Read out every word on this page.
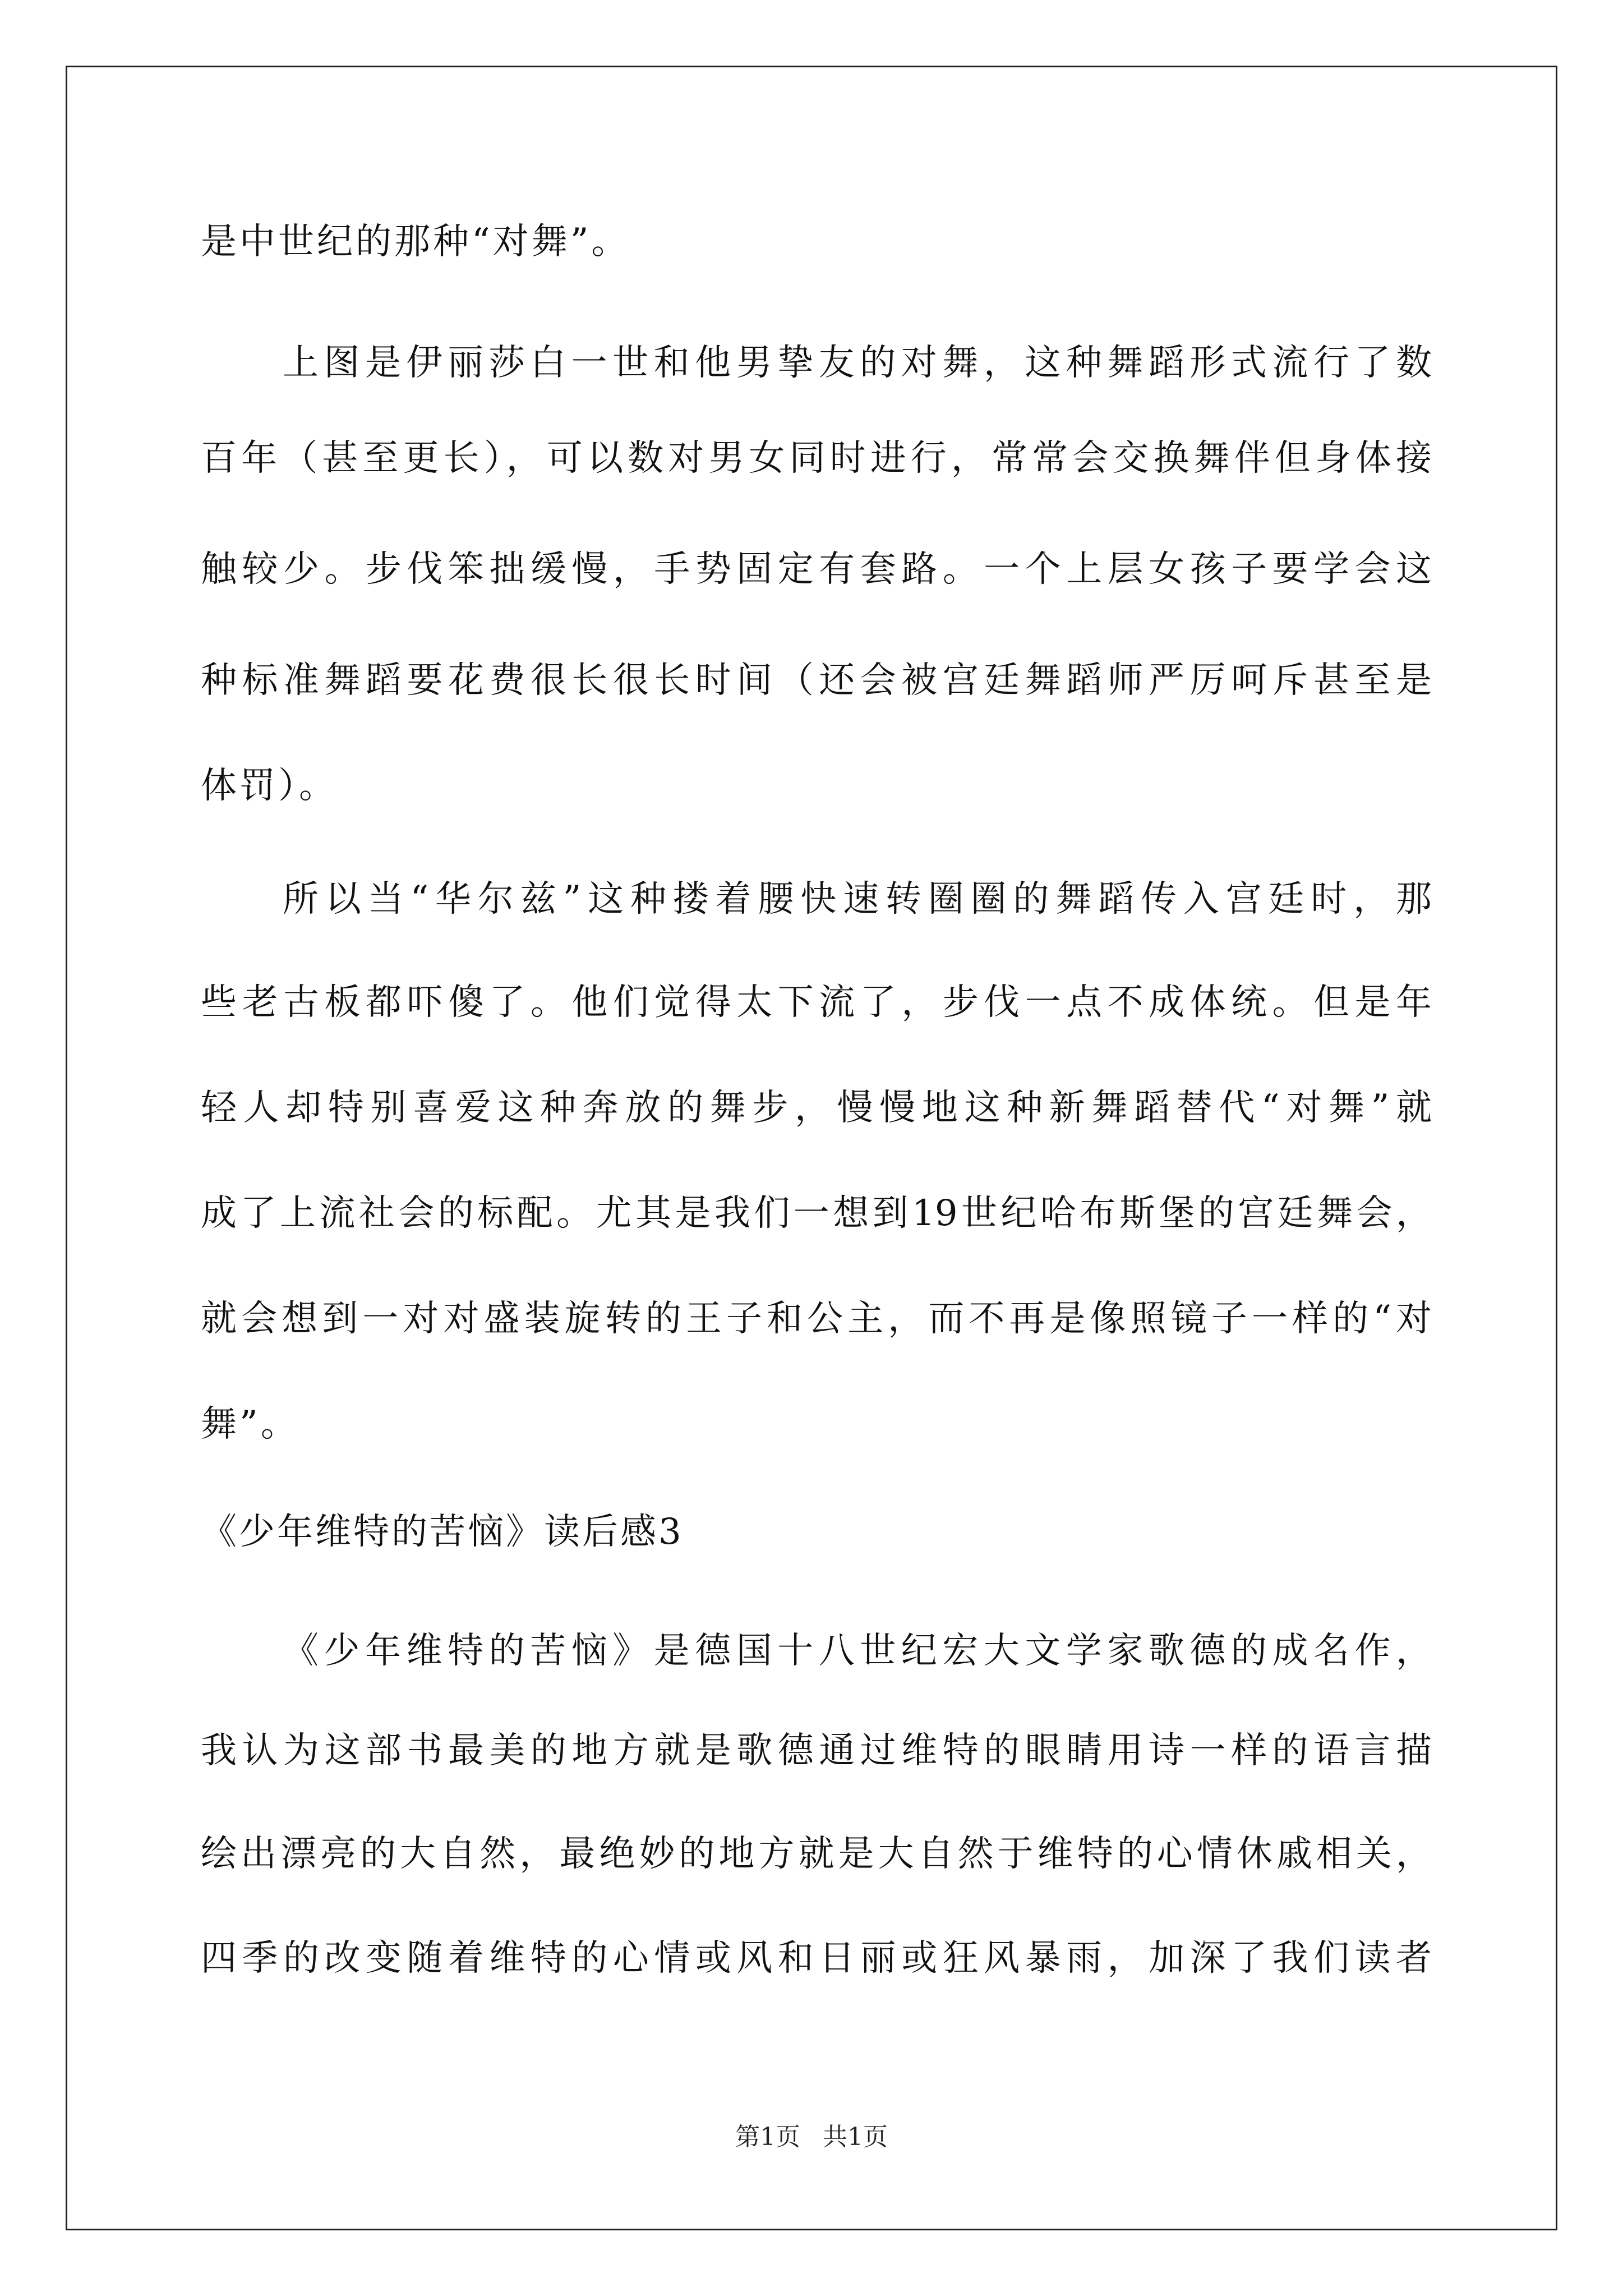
是中世纪的那种“对舞”。
上图是伊丽莎白一世和他男挚友的对舞，这种舞蹈形式流行了数
百年（甚至更长），可以数对男女同时进行，常常会交换舞伴但身体接
触较少。步伐笨拙缓慢，手势固定有套路。一个上层女孩子要学会这
种标准舞蹈要花费很长很长时间（还会被宫廷舞蹈师严厉呵斥甚至是
体罚）。
所以当“华尔兹”这种搂着腰快速转圈圈的舞蹈传入宫廷时，那
些老古板都吓傻了。他们觉得太下流了，步伐一点不成体统。但是年
轻人却特别喜爱这种奔放的舞步，慢慢地这种新舞蹈替代“对舞”就
成了上流社会的标配。尤其是我们一想到19世纪哈布斯堡的宫廷舞会，
就会想到一对对盛装旋转的王子和公主，而不再是像照镜子一样的“对
舞”。
《少年维特的苦恼》读后感3
《少年维特的苦恼》是德国十八世纪宏大文学家歌德的成名作，
我认为这部书最美的地方就是歌德通过维特的眼睛用诗一样的语言描
绘出漂亮的大自然，最绝妙的地方就是大自然于维特的心情休戚相关，
四季的改变随着维特的心情或风和日丽或狂风暴雨，加深了我们读者
第1页 共1页
